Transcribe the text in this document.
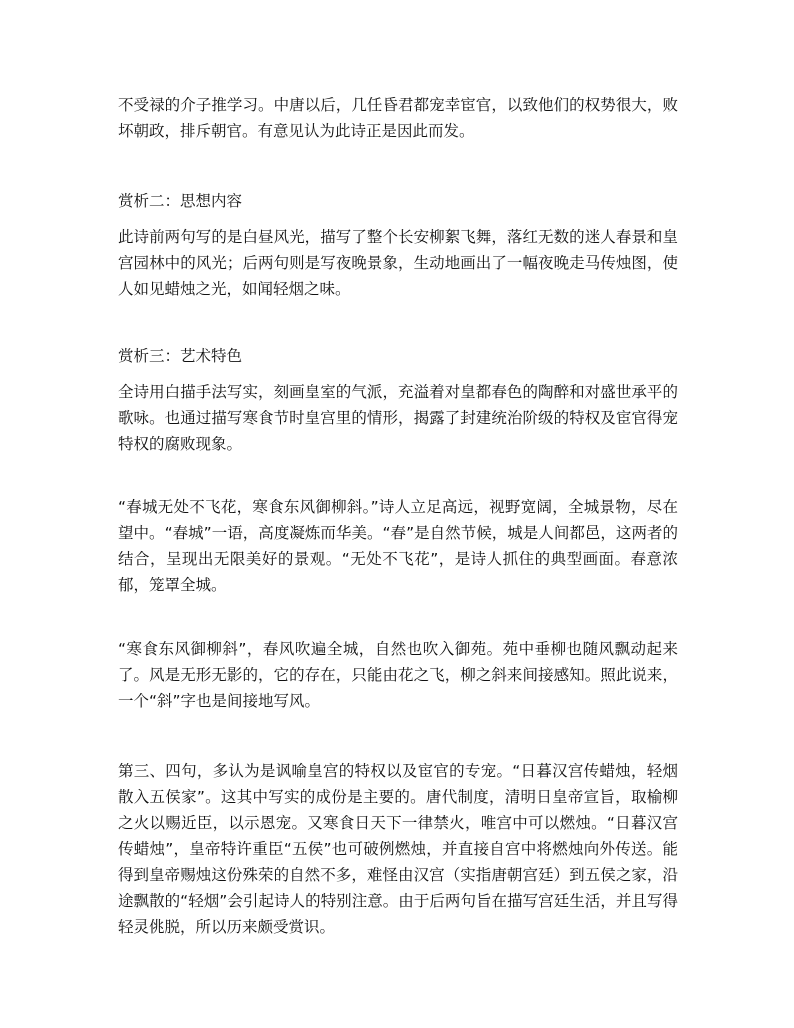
不受禄的介子推学习。中唐以后，几任昏君都宠幸宦官，以致他们的权势很大，败坏朝政，排斥朝官。有意见认为此诗正是因此而发。

赏析二：思想内容

此诗前两句写的是白昼风光，描写了整个长安柳絮飞舞，落红无数的迷人春景和皇宫园林中的风光；后两句则是写夜晚景象，生动地画出了一幅夜晚走马传烛图，使人如见蜡烛之光，如闻轻烟之味。

赏析三：艺术特色

全诗用白描手法写实，刻画皇室的气派，充溢着对皇都春色的陶醉和对盛世承平的歌咏。也通过描写寒食节时皇宫里的情形，揭露了封建统治阶级的特权及宦官得宠特权的腐败现象。

“春城无处不飞花，寒食东风御柳斜。”诗人立足高远，视野宽阔，全城景物，尽在望中。“春城”一语，高度凝炼而华美。“春”是自然节候，城是人间都邑，这两者的结合，呈现出无限美好的景观。“无处不飞花”，是诗人抓住的典型画面。春意浓郁，笼罩全城。

“寒食东风御柳斜”，春风吹遍全城，自然也吹入御苑。苑中垂柳也随风飘动起来了。风是无形无影的，它的存在，只能由花之飞，柳之斜来间接感知。照此说来，一个“斜”字也是间接地写风。

第三、四句，多认为是讽喻皇宫的特权以及宦官的专宠。“日暮汉宫传蜡烛，轻烟散入五侯家”。这其中写实的成份是主要的。唐代制度，清明日皇帝宣旨，取榆柳之火以赐近臣，以示恩宠。又寒食日天下一律禁火，唯宫中可以燃烛。“日暮汉宫传蜡烛”，皇帝特许重臣“五侯”也可破例燃烛，并直接自宫中将燃烛向外传送。能得到皇帝赐烛这份殊荣的自然不多，难怪由汉宫（实指唐朝宫廷）到五侯之家，沿途飘散的“轻烟”会引起诗人的特别注意。由于后两句旨在描写宫廷生活，并且写得轻灵佻脱，所以历来颇受赏识。
